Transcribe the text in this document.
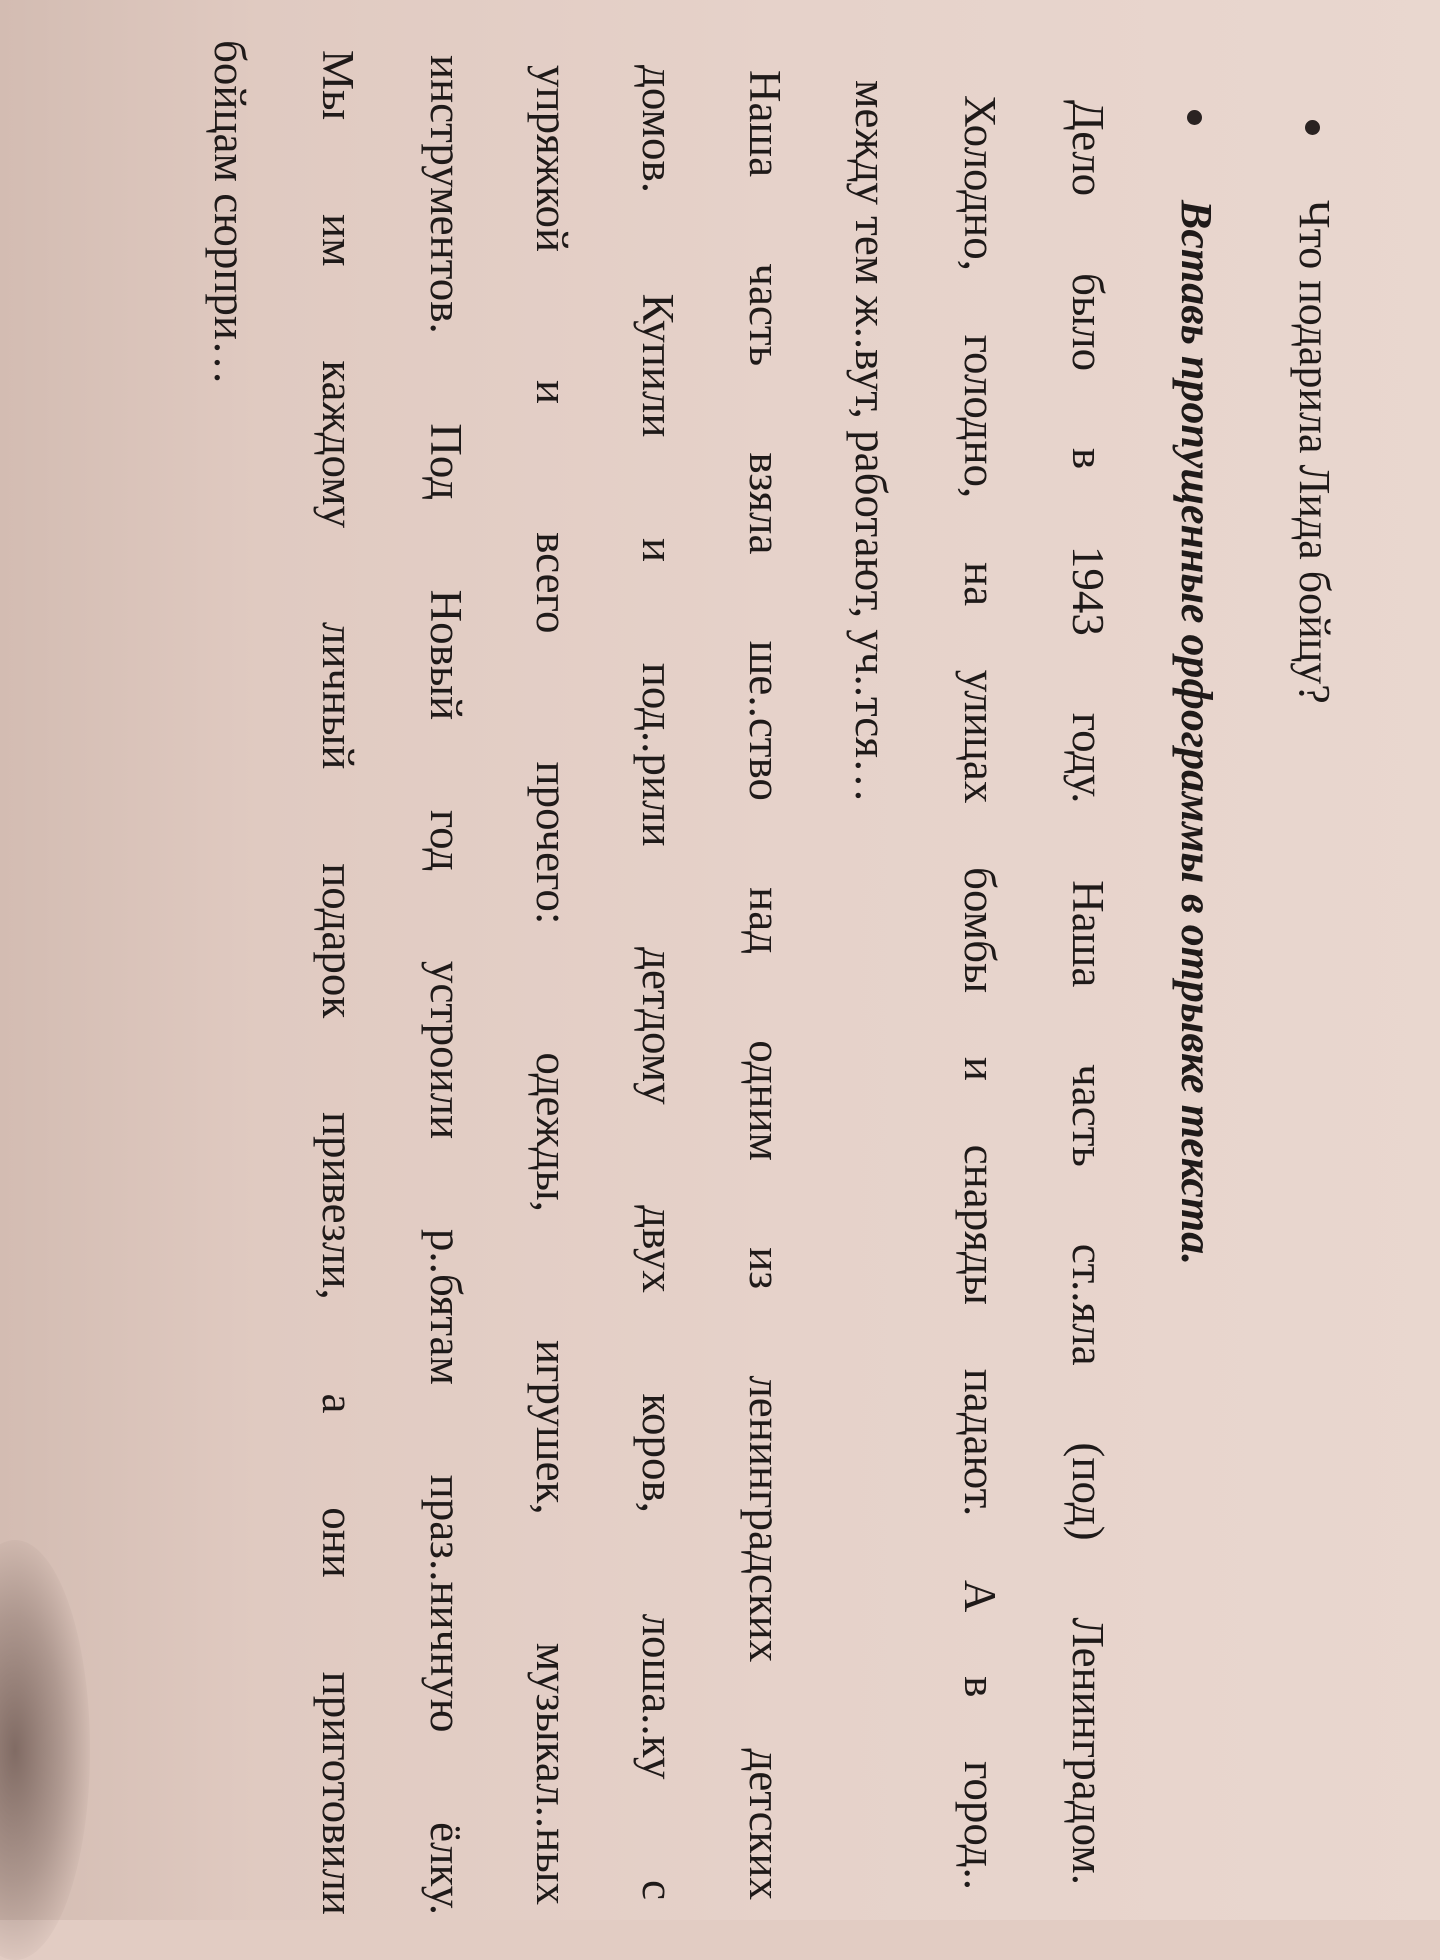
Что подарила Лида бойцу?
Вставь пропущенные орфограммы в отрывке текста.
Дело было в 1943 году. Наша часть ст..яла (под) Ленинградом.
Холодно, голодно, на улицах бомбы и снаряды падают. А в город..
между тем ж..вут, работают, уч..тся…
Наша часть взяла ше..ство над одним из ленинградских детских
домов. Купили и под..рили детдому двух коров, лоша..ку с
упряжкой и всего прочего: одежды, игрушек, музыкал..ных
инструментов. Под Новый год устроили р..бятам праз..ничную ёлку.
Мы им каждому личный подарок привезли, а они приготовили
бойцам сюрпри…
